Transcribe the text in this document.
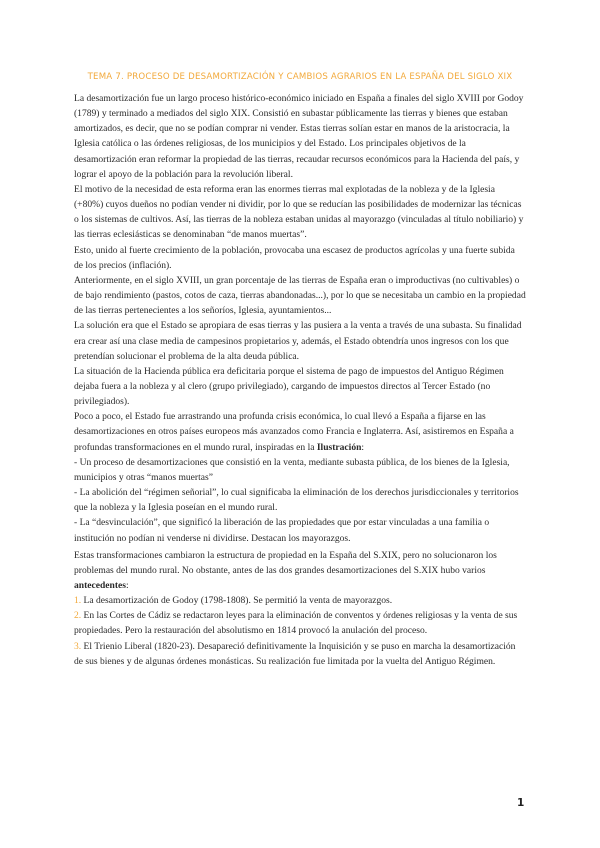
TEMA 7. PROCESO DE DESAMORTIZACIÓN Y CAMBIOS AGRARIOS EN LA ESPAÑA DEL SIGLO XIX

La desamortización fue un largo proceso histórico-económico iniciado en España a finales del siglo XVIII por Godoy (1789) y terminado a mediados del siglo XIX. Consistió en subastar públicamente las tierras y bienes que estaban amortizados, es decir, que no se podían comprar ni vender. Estas tierras solían estar en manos de la aristocracia, la Iglesia católica o las órdenes religiosas, de los municipios y del Estado. Los principales objetivos de la desamortización eran reformar la propiedad de las tierras, recaudar recursos económicos para la Hacienda del país, y lograr el apoyo de la población para la revolución liberal.

El motivo de la necesidad de esta reforma eran las enormes tierras mal explotadas de la nobleza y de la Iglesia (+80%) cuyos dueños no podían vender ni dividir, por lo que se reducían las posibilidades de modernizar las técnicas o los sistemas de cultivos. Así, las tierras de la nobleza estaban unidas al mayorazgo (vinculadas al título nobiliario) y las tierras eclesiásticas se denominaban “de manos muertas”.

Esto, unido al fuerte crecimiento de la población, provocaba una escasez de productos agrícolas y una fuerte subida de los precios (inflación).

Anteriormente, en el siglo XVIII, un gran porcentaje de las tierras de España eran o improductivas (no cultivables) o de bajo rendimiento (pastos, cotos de caza, tierras abandonadas...), por lo que se necesitaba un cambio en la propiedad de las tierras pertenecientes a los señoríos, Iglesia, ayuntamientos...

La solución era que el Estado se apropiara de esas tierras y las pusiera a la venta a través de una subasta. Su finalidad era crear así una clase media de campesinos propietarios y, además, el Estado obtendría unos ingresos con los que pretendían solucionar el problema de la alta deuda pública.

La situación de la Hacienda pública era deficitaria porque el sistema de pago de impuestos del Antiguo Régimen dejaba fuera a la nobleza y al clero (grupo privilegiado), cargando de impuestos directos al Tercer Estado (no privilegiados).

Poco a poco, el Estado fue arrastrando una profunda crisis económica, lo cual llevó a España a fijarse en las desamortizaciones en otros países europeos más avanzados como Francia e Inglaterra. Así, asistiremos en España a profundas transformaciones en el mundo rural, inspiradas en la Ilustración:

- Un proceso de desamortizaciones que consistió en la venta, mediante subasta pública, de los bienes de la Iglesia, municipios y otras “manos muertas”

- La abolición del “régimen señorial”, lo cual significaba la eliminación de los derechos jurisdiccionales y territorios que la nobleza y la Iglesia poseían en el mundo rural.

- La “desvinculación”, que significó la liberación de las propiedades que por estar vinculadas a una familia o institución no podían ni venderse ni dividirse. Destacan los mayorazgos.

Estas transformaciones cambiaron la estructura de propiedad en la España del S.XIX, pero no solucionaron los problemas del mundo rural. No obstante, antes de las dos grandes desamortizaciones del S.XIX hubo varios antecedentes:

1. La desamortización de Godoy (1798-1808). Se permitió la venta de mayorazgos.

2. En las Cortes de Cádiz se redactaron leyes para la eliminación de conventos y órdenes religiosas y la venta de sus propiedades. Pero la restauración del absolutismo en 1814 provocó la anulación del proceso.

3. El Trienio Liberal (1820-23). Desapareció definitivamente la Inquisición y se puso en marcha la desamortización de sus bienes y de algunas órdenes monásticas. Su realización fue limitada por la vuelta del Antiguo Régimen.

1
